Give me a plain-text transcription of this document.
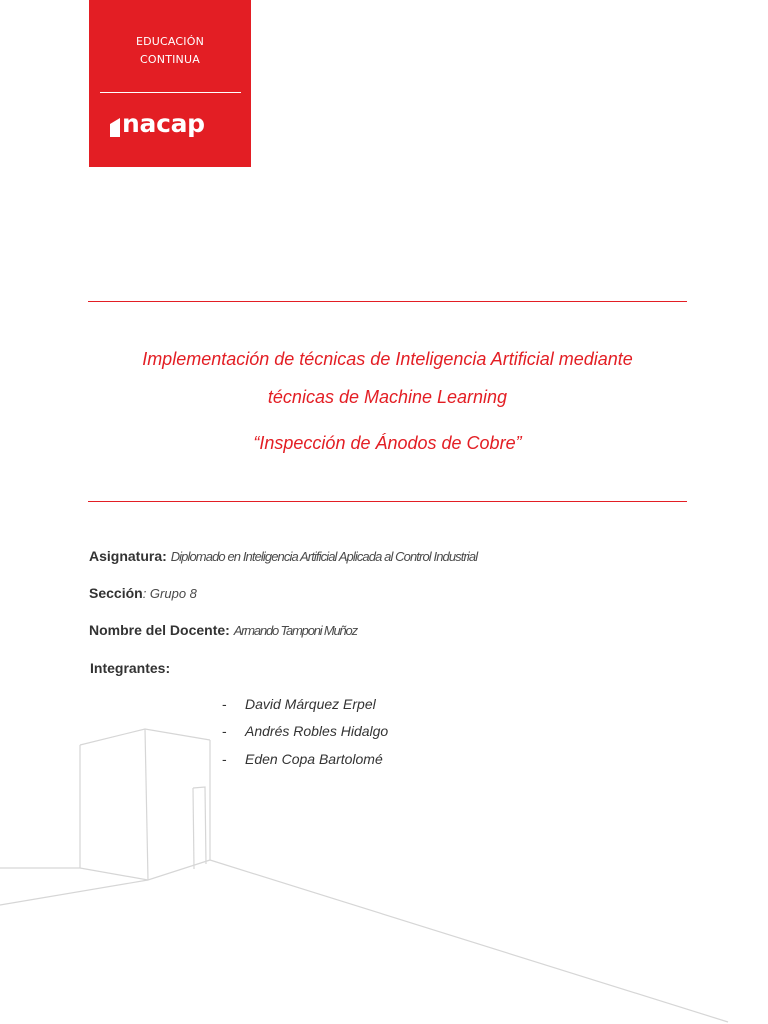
EDUCACIÓN
CONTINUA
nacap
Implementación de técnicas de Inteligencia Artificial mediante
técnicas de Machine Learning
“Inspección de Ánodos de Cobre”
Asignatura: Diplomado en Inteligencia Artificial Aplicada al Control Industrial
Sección: Grupo 8
Nombre del Docente: Armando Tamponi Muñoz
Integrantes:
- David Márquez Erpel
- Andrés Robles Hidalgo
- Eden Copa Bartolomé
